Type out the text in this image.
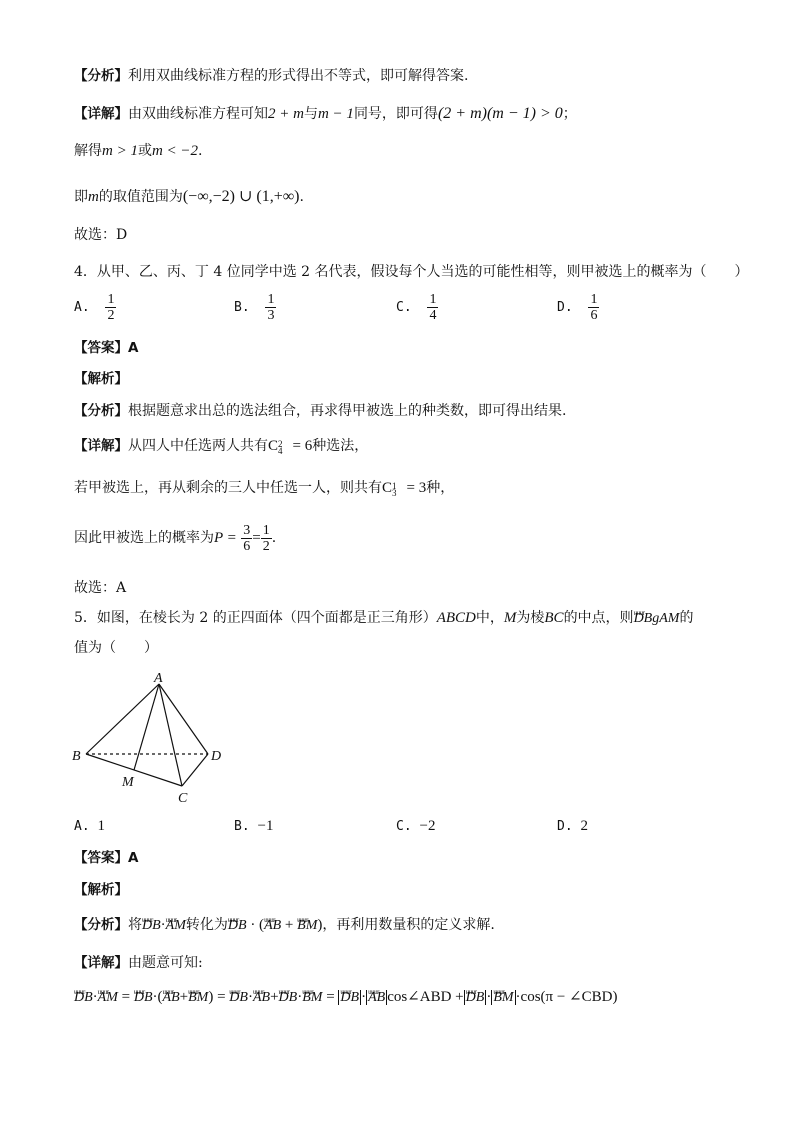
【分析】利用双曲线标准方程的形式得出不等式，即可解得答案.
【详解】由双曲线标准方程可知2 + m与m − 1同号，即可得(2 + m)(m − 1) > 0；
解得m > 1或m < −2.
即m的取值范围为(−∞,−2) ∪ (1,+∞).
故选：D
4．从甲、乙、丙、丁 4 位同学中选 2 名代表，假设每个人当选的可能性相等，则甲被选上的概率为（　　）
A. $\frac{1}{2}$	B. $\frac{1}{3}$	C. $\frac{1}{4}$	D. $\frac{1}{6}$
【答案】A
【解析】
【分析】根据题意求出总的选法组合，再求得甲被选上的种类数，即可得出结果.
【详解】从四人中任选两人共有$C_4$
2 = 6种选法，
若甲被选上，再从剩余的三人中任选一人，则共有$C_3$
1 = 3种，
因此甲被选上的概率为$P = \frac{3}{6} = \frac{1}{2}$ .
故选：A
5．如图，在棱长为 2 的正四面体（四个面都是正三角形）ABCD中，M为棱BC的中点，则uuur DBgAM的
值为（　　）
A
B
C
D
M
A. 1	B. −1	C. −2	D. 2
【答案】A
【解析】
【分析】将uuur DB·uuur AM转化为uuur DB · (uuur AB + uuur BM)，再利用数量积的定义求解.
【详解】由题意可知:
uuur DB·uuur AM = uuur DB·(uuur AB+uuur BM) = uuur DB·uuur AB+uuur DB·uuur BM = uuur DB · uuur AB cos∠ABD + uuur DB · uuur BM ·cos(π − ∠CBD)
